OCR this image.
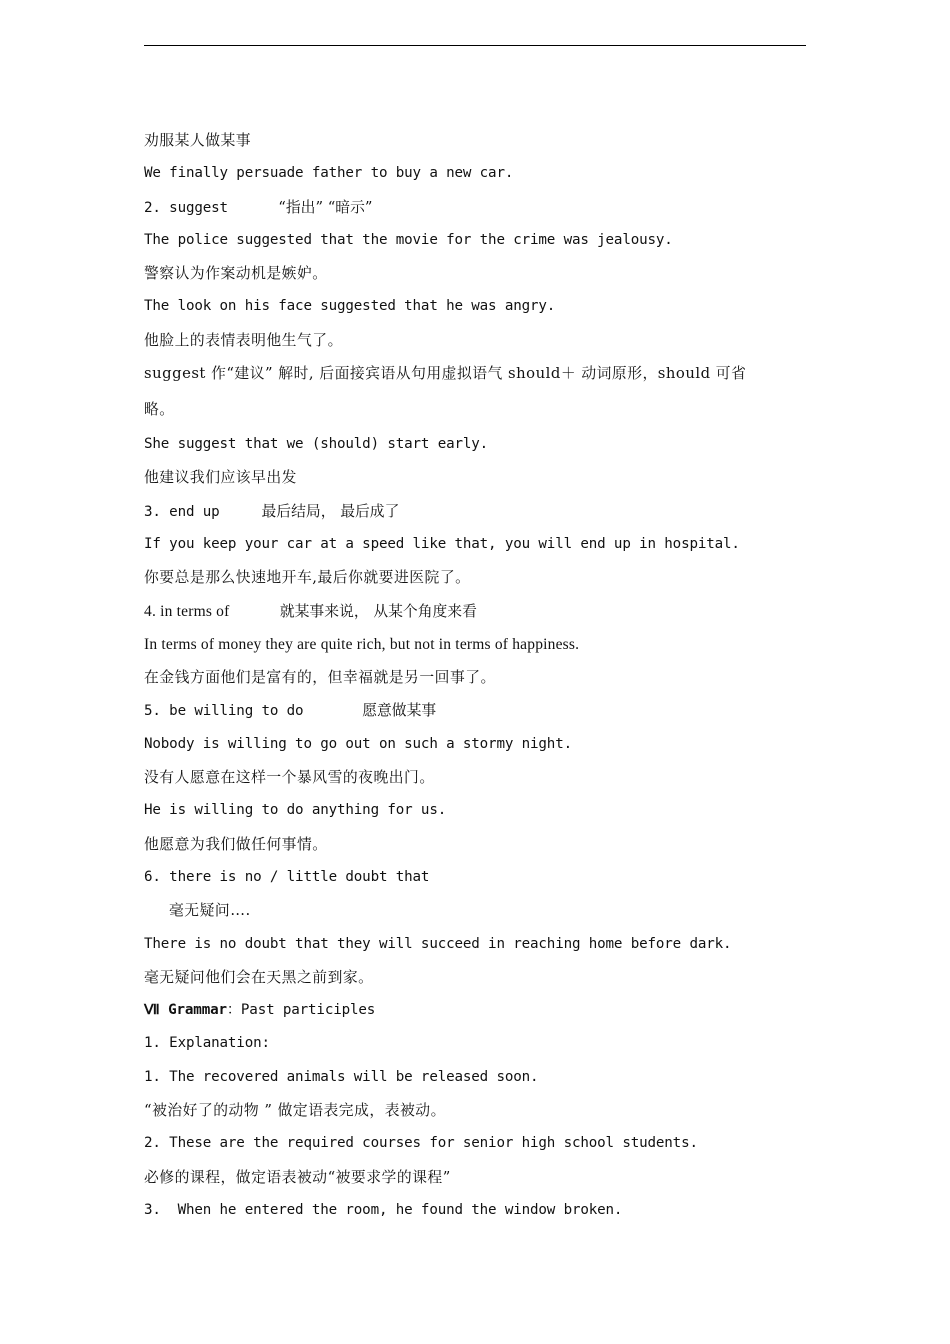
劝服某人做某事
We finally persuade father to buy a new car.
2. suggest	“指出” “暗示”
The police suggested that the movie for the crime was jealousy.
警察认为作案动机是嫉妒。
The look on his face suggested that he was angry.
他脸上的表情表明他生气了。
suggest 作“建议” 解时, 后面接宾语从句用虚拟语气 should＋ 动词原形，should 可省
略。
She suggest that we (should) start early.
他建议我们应该早出发
3. end up	最后结局， 最后成了
If you keep your car at a speed like that, you will end up in hospital.
你要总是那么快速地开车,最后你就要进医院了。
4. in terms of	就某事来说， 从某个角度来看
In terms of money they are quite rich, but not in terms of happiness.
在金钱方面他们是富有的，但幸福就是另一回事了。
5. be willing to do	愿意做某事
Nobody is willing to go out on such a stormy night.
没有人愿意在这样一个暴风雪的夜晚出门。
He is willing to do anything for us.
他愿意为我们做任何事情。
6. there is no / little doubt that
毫无疑问….
There is no doubt that they will succeed in reaching home before dark.
毫无疑问他们会在天黑之前到家。
Ⅶ Grammar：Past participles
1. Explanation:
1. The recovered animals will be released soon.
“被治好了的动物 ” 做定语表完成，表被动。
2. These are the required courses for senior high school students.
必修的课程，做定语表被动“被要求学的课程”
3.  When he entered the room, he found the window broken.
